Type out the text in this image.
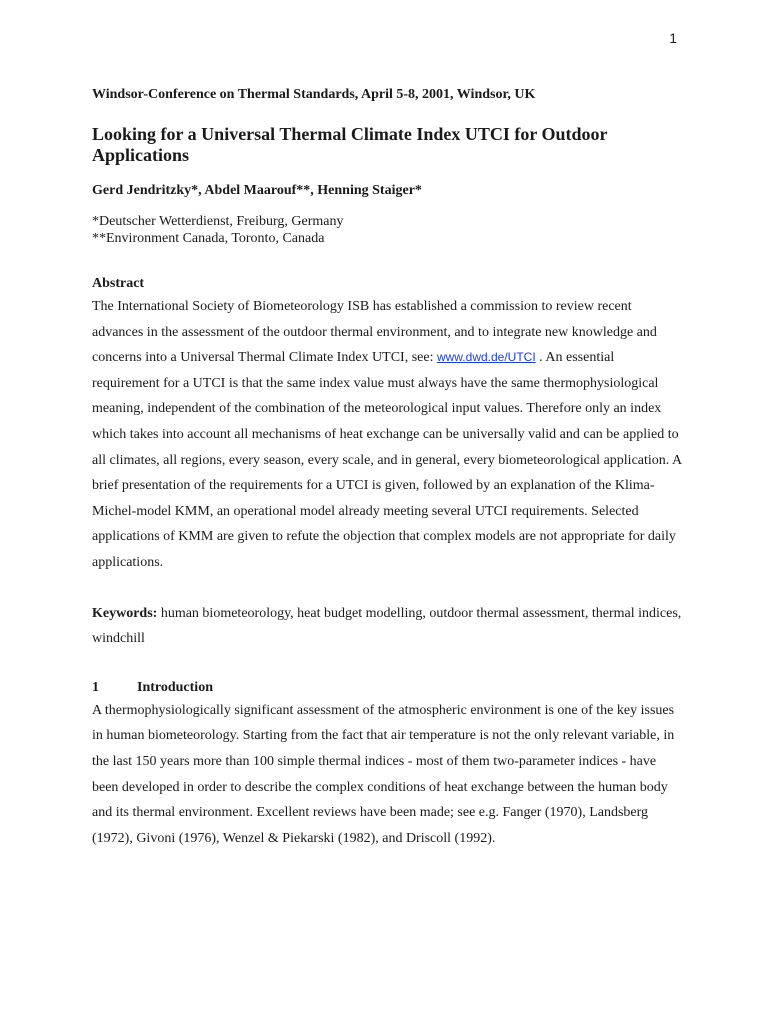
1

Windsor-Conference on Thermal Standards, April 5-8, 2001, Windsor, UK

Looking for a Universal Thermal Climate Index UTCI for Outdoor Applications

Gerd Jendritzky*, Abdel Maarouf**, Henning Staiger*

*Deutscher Wetterdienst, Freiburg, Germany
**Environment Canada, Toronto, Canada
Abstract

The International Society of Biometeorology ISB has established a commission to review recent advances in the assessment of the outdoor thermal environment, and to integrate new knowledge and concerns into a Universal Thermal Climate Index UTCI, see: www.dwd.de/UTCI . An essential requirement for a UTCI is that the same index value must always have the same thermophysiological meaning, independent of the combination of the meteorological input values. Therefore only an index which takes into account all mechanisms of heat exchange can be universally valid and can be applied to all climates, all regions, every season, every scale, and in general, every biometeorological application. A brief presentation of the requirements for a UTCI is given, followed by an explanation of the Klima-Michel-model KMM, an operational model already meeting several UTCI requirements. Selected applications of KMM are given to refute the objection that complex models are not appropriate for daily applications.

Keywords: human biometeorology, heat budget modelling, outdoor thermal assessment, thermal indices, windchill

1	Introduction

A thermophysiologically significant assessment of the atmospheric environment is one of the key issues in human biometeorology. Starting from the fact that air temperature is not the only relevant variable, in the last 150 years more than 100 simple thermal indices - most of them two-parameter indices - have been developed in order to describe the complex conditions of heat exchange between the human body and its thermal environment. Excellent reviews have been made; see e.g. Fanger (1970), Landsberg (1972), Givoni (1976), Wenzel & Piekarski (1982), and Driscoll (1992).
